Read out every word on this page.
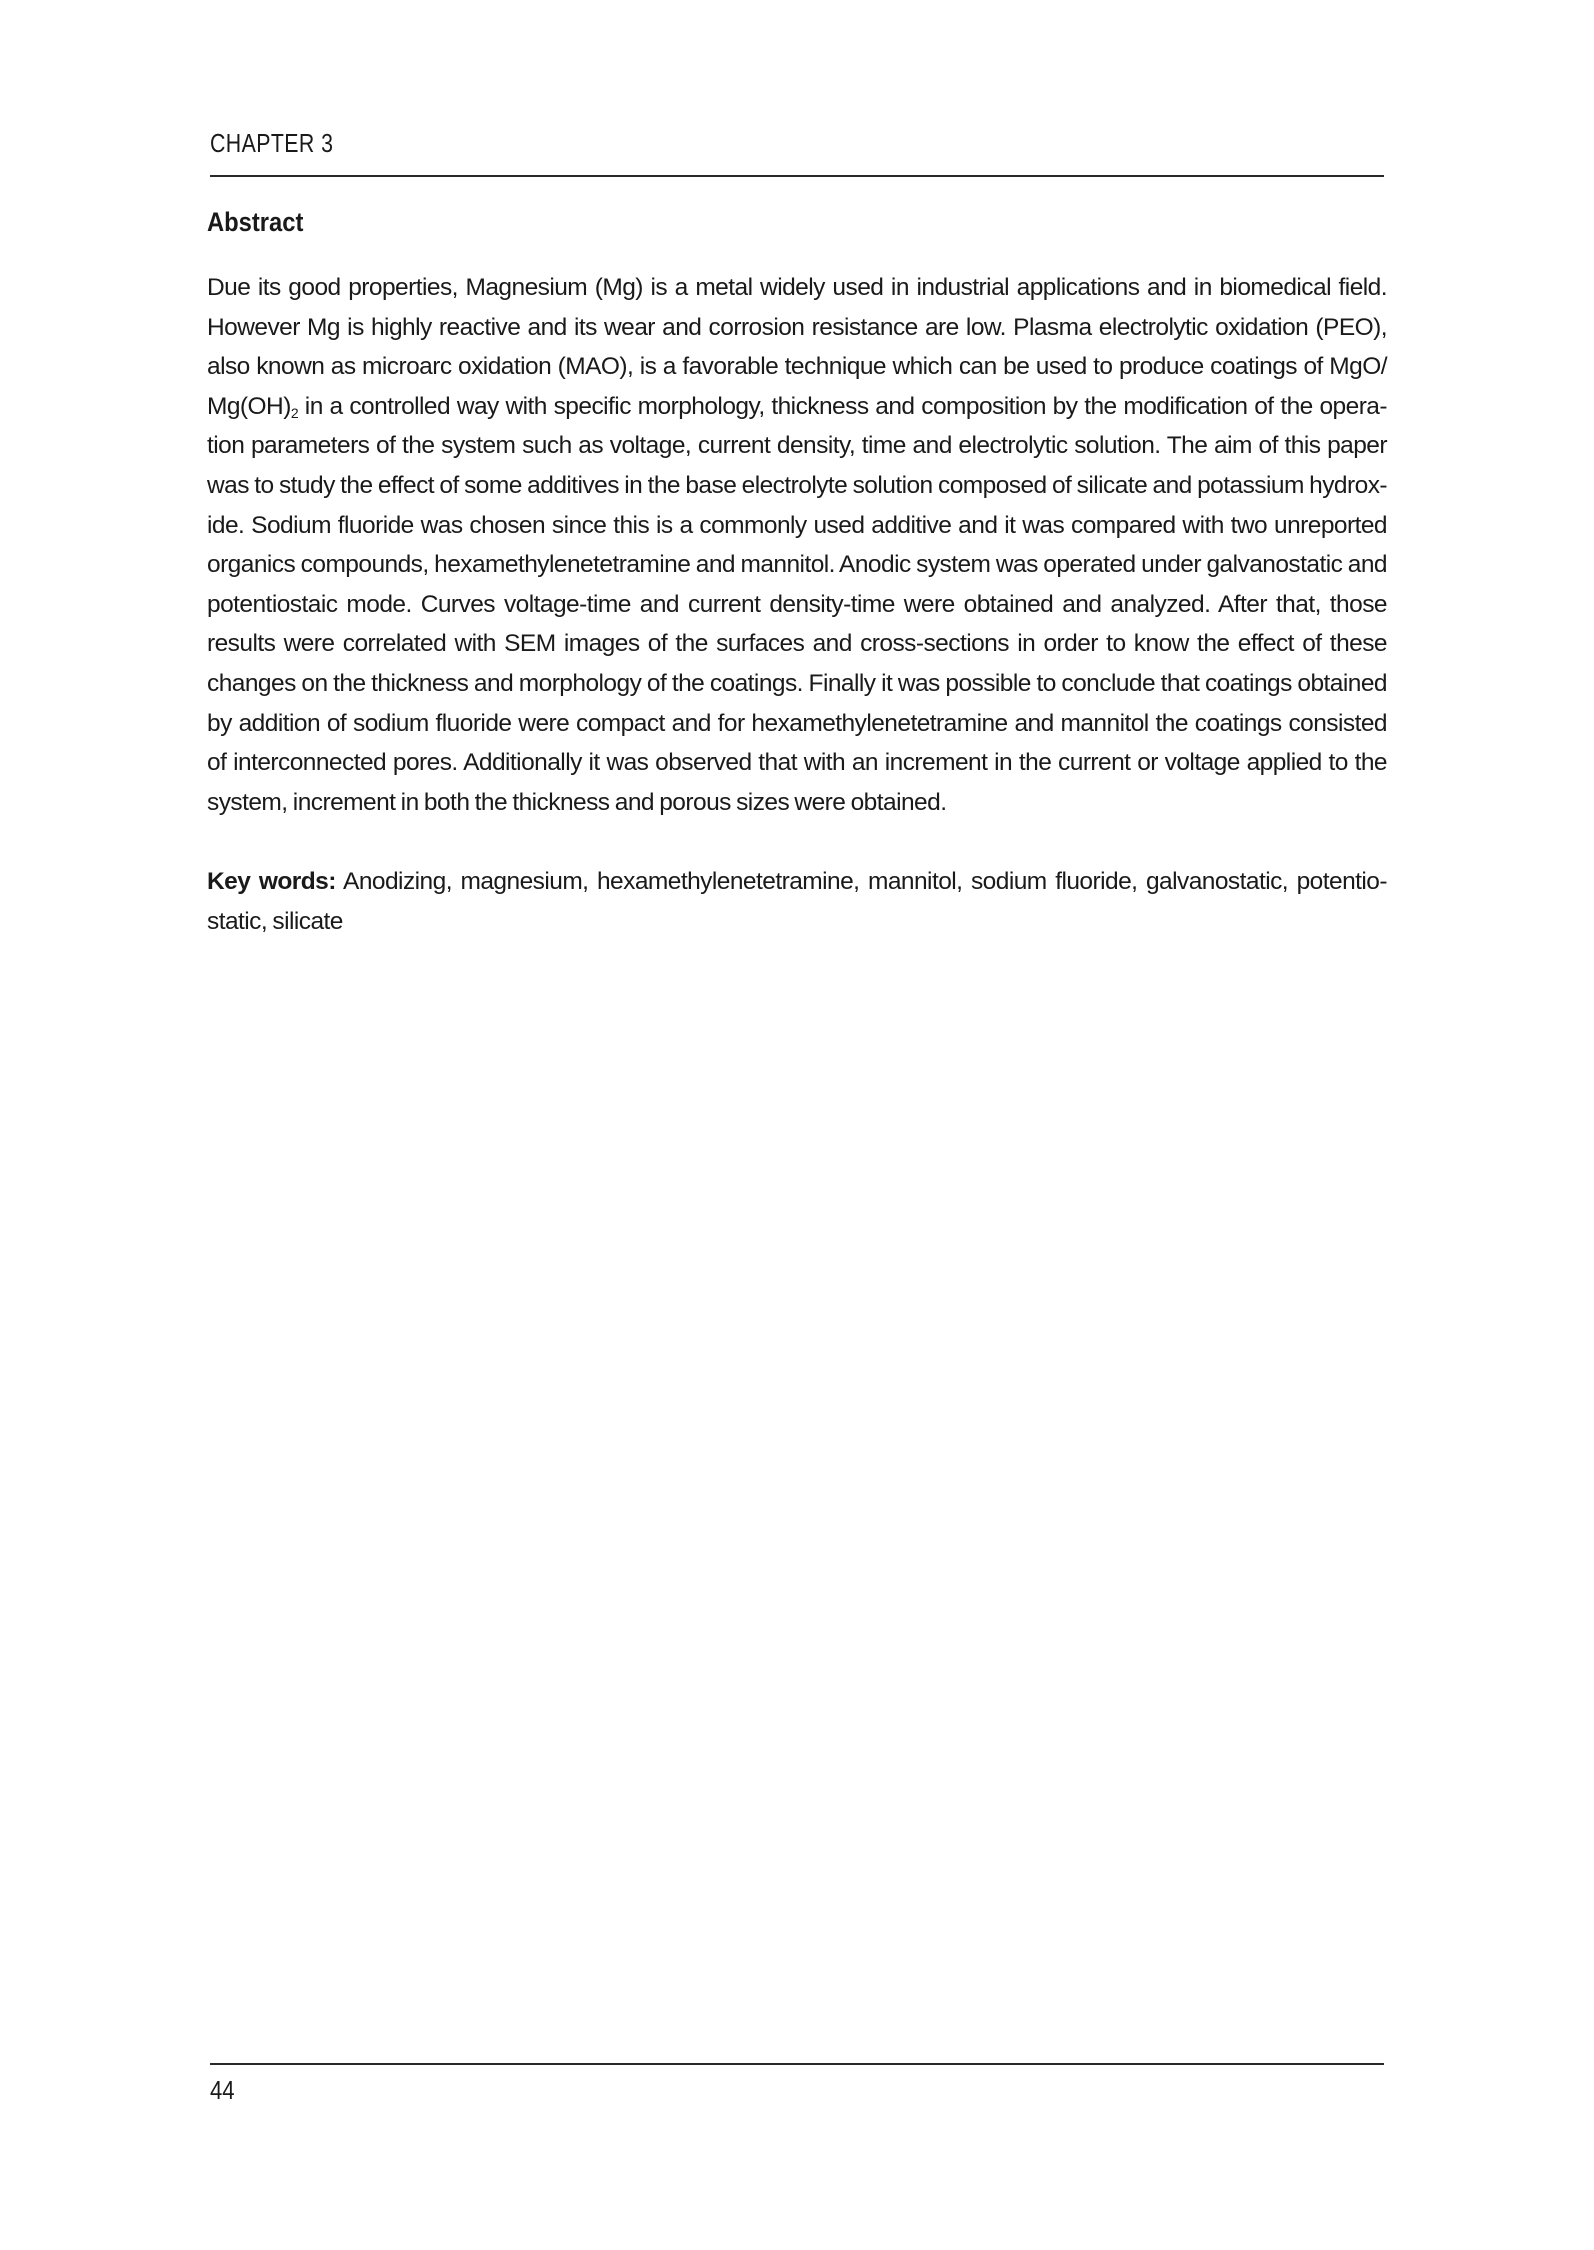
CHAPTER 3
Abstract

Due its good properties, Magnesium (Mg) is a metal widely used in industrial applications and in biomedical field. However Mg is highly reactive and its wear and corrosion resistance are low. Plasma electrolytic oxidation (PEO), also known as microarc oxidation (MAO), is a favorable technique which can be used to produce coatings of MgO/ $Mg(OH)_2$ in a controlled way with specific morphology, thickness and composition by the modification of the opera-tion parameters of the system such as voltage, current density, time and electrolytic solution. The aim of this paper was to study the effect of some additives in the base electrolyte solution composed of silicate and potassium hydrox-ide. Sodium fluoride was chosen since this is a commonly used additive and it was compared with two unreported organics compounds, hexamethylenetetramine and mannitol. Anodic system was operated under galvanostatic and potentiostaic mode. Curves voltage-time and current density-time were obtained and analyzed. After that, those results were correlated with SEM images of the surfaces and cross-sections in order to know the effect of these changes on the thickness and morphology of the coatings. Finally it was possible to conclude that coatings obtained by addition of sodium fluoride were compact and for hexamethylenetetramine and mannitol the coatings consisted of interconnected pores. Additionally it was observed that with an increment in the current or voltage applied to the system, increment in both the thickness and porous sizes were obtained.

Key words: Anodizing, magnesium, hexamethylenetetramine, mannitol, sodium fluoride, galvanostatic, potentio-static, silicate
44
